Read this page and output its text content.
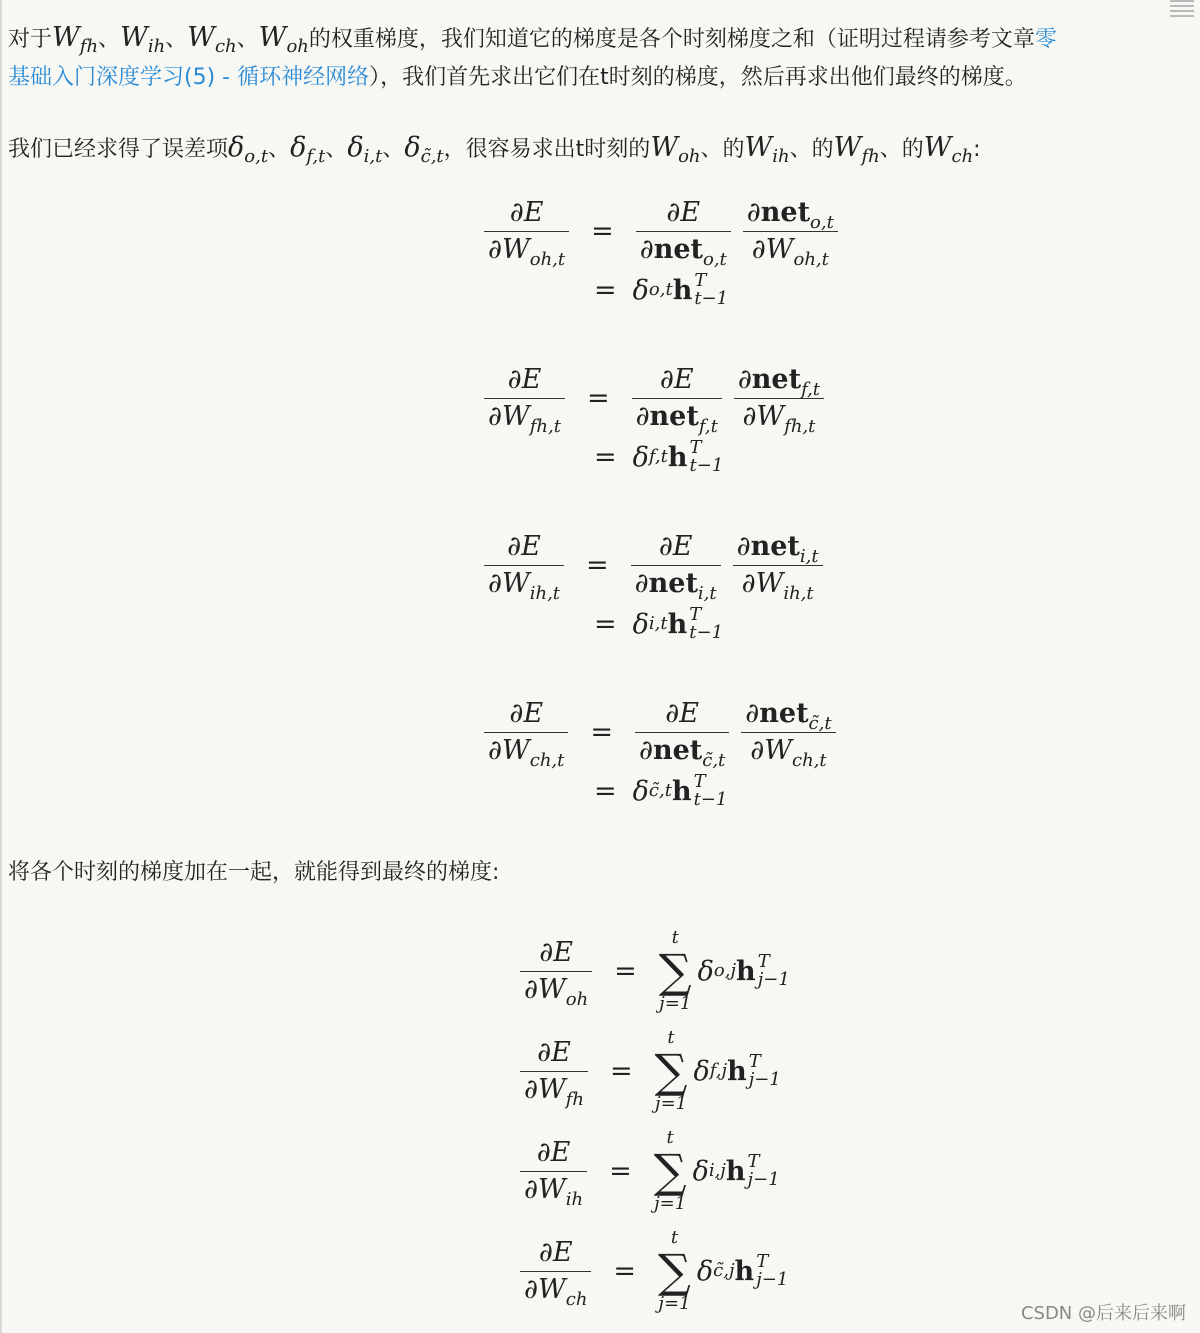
对于$W_{fh}$、$W_{ih}$、$W_{ch}$、$W_{oh}$的权重梯度，我们知道它的梯度是各个时刻梯度之和（证明过程请参考文章零

基础入门深度学习(5) - 循环神经网络），我们首先求出它们在t时刻的梯度，然后再求出他们最终的梯度。

我们已经求得了误差项$\delta_{o,t}$、$\delta_{f,t}$、$\delta_{i,t}$、$\delta_{c̃,t}$，很容易求出t时刻的$W_{oh}$、的$W_{ih}$、的$W_{fh}$、的$W_{ch}$:

$\frac{\partial E}{\partial W_{oh,t}} = \frac{\partial E}{\partial net_{o,t}} \frac{\partial net_{o,t}}{\partial W_{oh,t}}$
= δ o,t h T
t−1
$\frac{\partial E}{\partial W_{fh,t}} = \frac{\partial E}{\partial net_{f,t}} \frac{\partial net_{f,t}}{\partial W_{fh,t}}$
= δ f,t h T
t−1
$\frac{\partial E}{\partial W_{ih,t}} = \frac{\partial E}{\partial net_{i,t}} \frac{\partial net_{i,t}}{\partial W_{ih,t}}$
= δ i,t h T
t−1
$\frac{\partial E}{\partial W_{ch,t}} = \frac{\partial E}{\partial net_{c̃,t}} \frac{\partial net_{c̃,t}}{\partial W_{ch,t}}$
= δ c̃,t h T
t−1

将各个时刻的梯度加在一起，就能得到最终的梯度:

$\frac{\partial E}{\partial W_{oh}}$ =
t
∑
j=1
δ o,j h T
j−1
$\frac{\partial E}{\partial W_{fh}}$ =
t
∑
j=1
δ f,j h T
j−1
$\frac{\partial E}{\partial W_{ih}}$ =
t
∑
j=1
δ i,j h T
j−1
$\frac{\partial E}{\partial W_{ch}}$ =
t
∑
j=1
δ c̃,j h T
j−1
CSDN @后来后来啊
